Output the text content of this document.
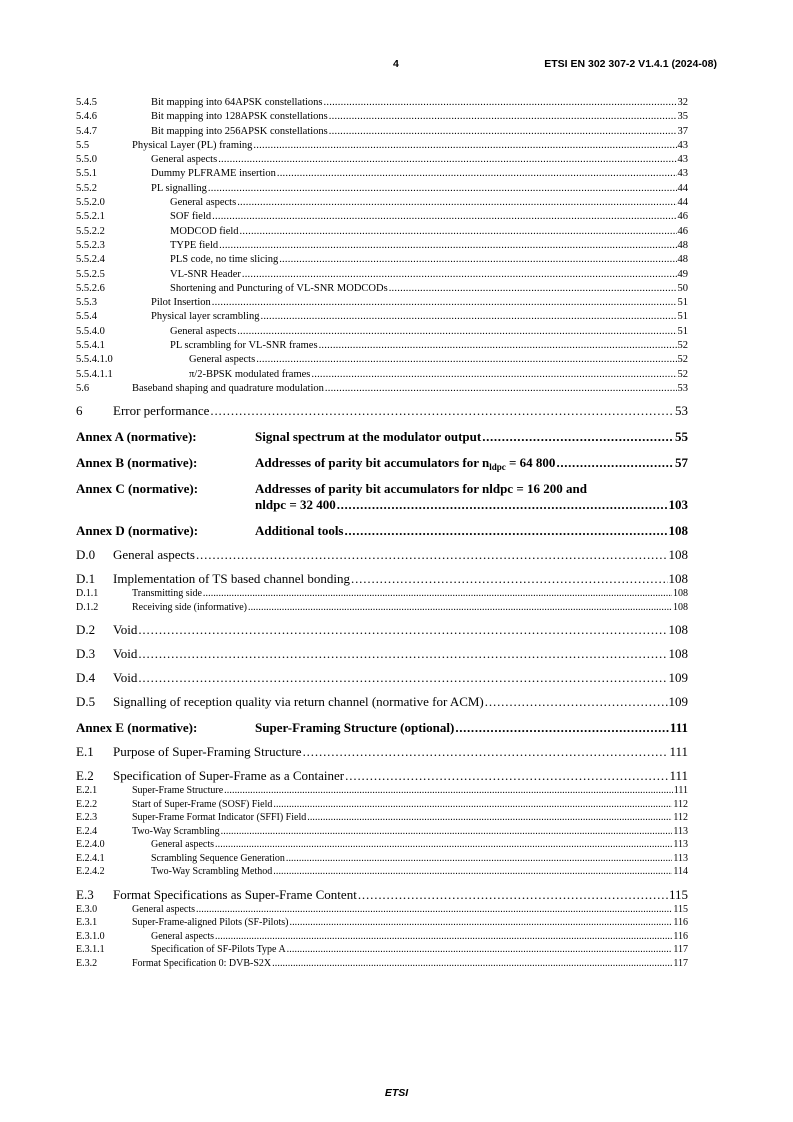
4	ETSI EN 302 307-2 V1.4.1 (2024-08)
5.4.5	Bit mapping into 64APSK constellations . . .	32
5.4.6	Bit mapping into 128APSK constellations . . .	35
5.4.7	Bit mapping into 256APSK constellations . . .	37
5.5	Physical Layer (PL) framing . . .	43
5.5.0	General aspects . . .	43
5.5.1	Dummy PLFRAME insertion . . .	43
5.5.2	PL signalling . . .	44
5.5.2.0	General aspects . . .	44
5.5.2.1	SOF field . . .	46
5.5.2.2	MODCOD field . . .	46
5.5.2.3	TYPE field . . .	48
5.5.2.4	PLS code, no time slicing . . .	48
5.5.2.5	VL-SNR Header . . .	49
5.5.2.6	Shortening and Puncturing of VL-SNR MODCODs . . .	50
5.5.3	Pilot Insertion . . .	51
5.5.4	Physical layer scrambling . . .	51
5.5.4.0	General aspects . . .	51
5.5.4.1	PL scrambling for VL-SNR frames . . .	52
5.5.4.1.0	General aspects . . .	52
5.5.4.1.1	π/2-BPSK modulated frames . . .	52
5.6	Baseband shaping and quadrature modulation . . .	53
6 Error performance . . .	53
Annex A (normative):	Signal spectrum at the modulator output . . .	55
Annex B (normative):	Addresses of parity bit accumulators for $n_{ldpc} = 64$ 800 . . .	57
Annex C (normative):	Addresses of parity bit accumulators for nldpc = 16 200 and
nldpc = 32 400 . . .	103
Annex D (normative):	Additional tools . . .	108
D.0 General aspects . . .	108
D.1 Implementation of TS based channel bonding . . .	108
D.1.1	Transmitting side . . .	108
D.1.2	Receiving side (informative) . . .	108
D.2 Void . . .	108
D.3 Void . . .	108
D.4 Void . . .	109
D.5 Signalling of reception quality via return channel (normative for ACM) . . .	109
Annex E (normative):	Super-Framing Structure (optional) . . .	111
E.1 Purpose of Super-Framing Structure . . .	111
E.2 Specification of Super-Frame as a Container . . .	111
E.2.1	Super-Frame Structure . . .	111
E.2.2	Start of Super-Frame (SOSF) Field . . .	112
E.2.3	Super-Frame Format Indicator (SFFI) Field . . .	112
E.2.4	Two-Way Scrambling . . .	113
E.2.4.0	General aspects . . .	113
E.2.4.1	Scrambling Sequence Generation . . .	113
E.2.4.2	Two-Way Scrambling Method . . .	114
E.3 Format Specifications as Super-Frame Content . . .	115
E.3.0	General aspects . . .	115
E.3.1	Super-Frame-aligned Pilots (SF-Pilots) . . .	116
E.3.1.0	General aspects . . .	116
E.3.1.1	Specification of SF-Pilots Type A . . .	117
E.3.2	Format Specification 0: DVB-S2X . . .	117
ETSI
